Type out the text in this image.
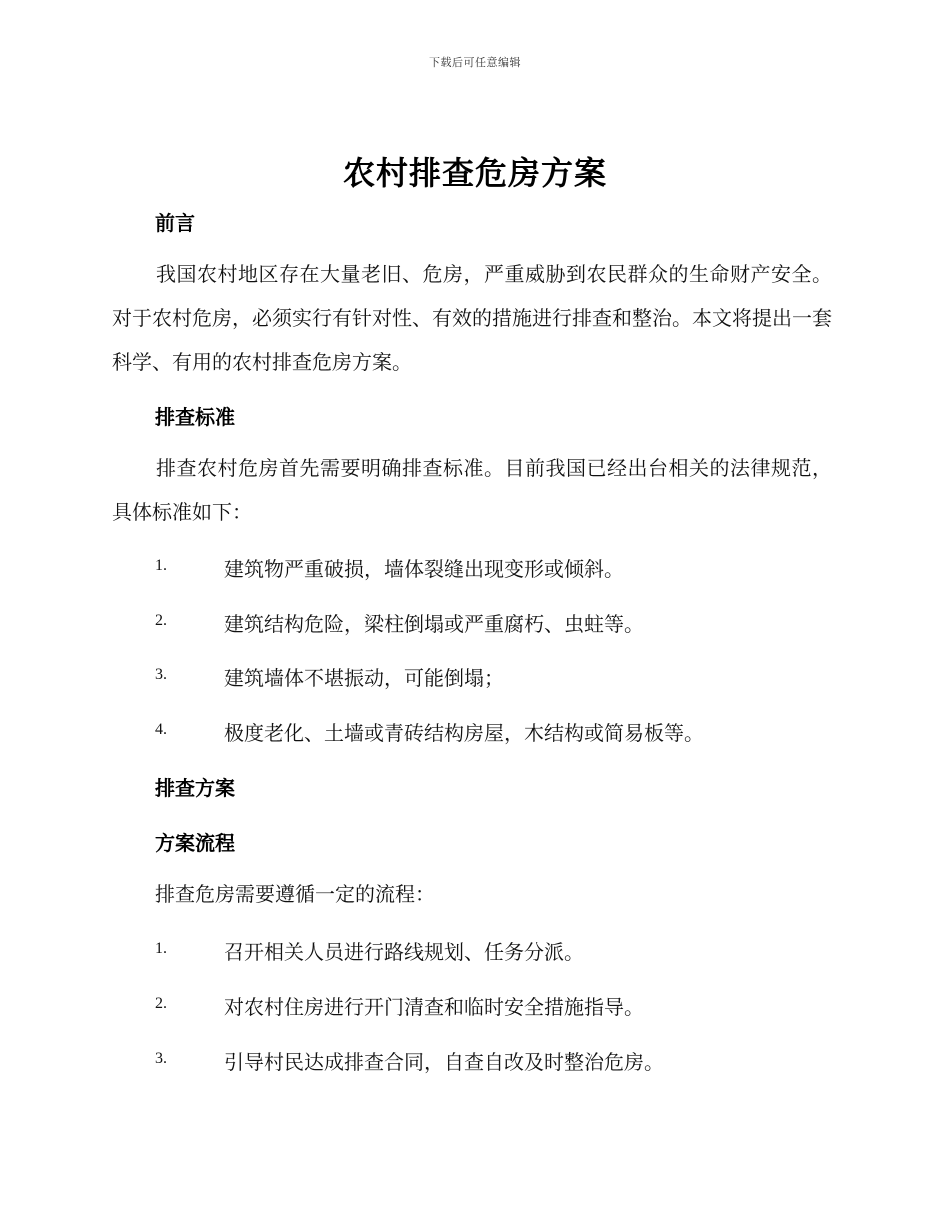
下载后可任意编辑
农村排查危房方案
前言

我国农村地区存在大量老旧、危房，严重威胁到农民群众的生命财产安全。对于农村危房，必须实行有针对性、有效的措施进行排查和整治。本文将提出一套科学、有用的农村排查危房方案。

排查标准

排查农村危房首先需要明确排查标准。目前我国已经出台相关的法律规范，具体标准如下：

1.	建筑物严重破损，墙体裂缝出现变形或倾斜。
2.	建筑结构危险，梁柱倒塌或严重腐朽、虫蛀等。
3.	建筑墙体不堪振动，可能倒塌；
4.	极度老化、土墙或青砖结构房屋，木结构或简易板等。
排查方案
方案流程

排查危房需要遵循一定的流程：

1.	召开相关人员进行路线规划、任务分派。
2.	对农村住房进行开门清查和临时安全措施指导。
3.	引导村民达成排查合同，自查自改及时整治危房。
